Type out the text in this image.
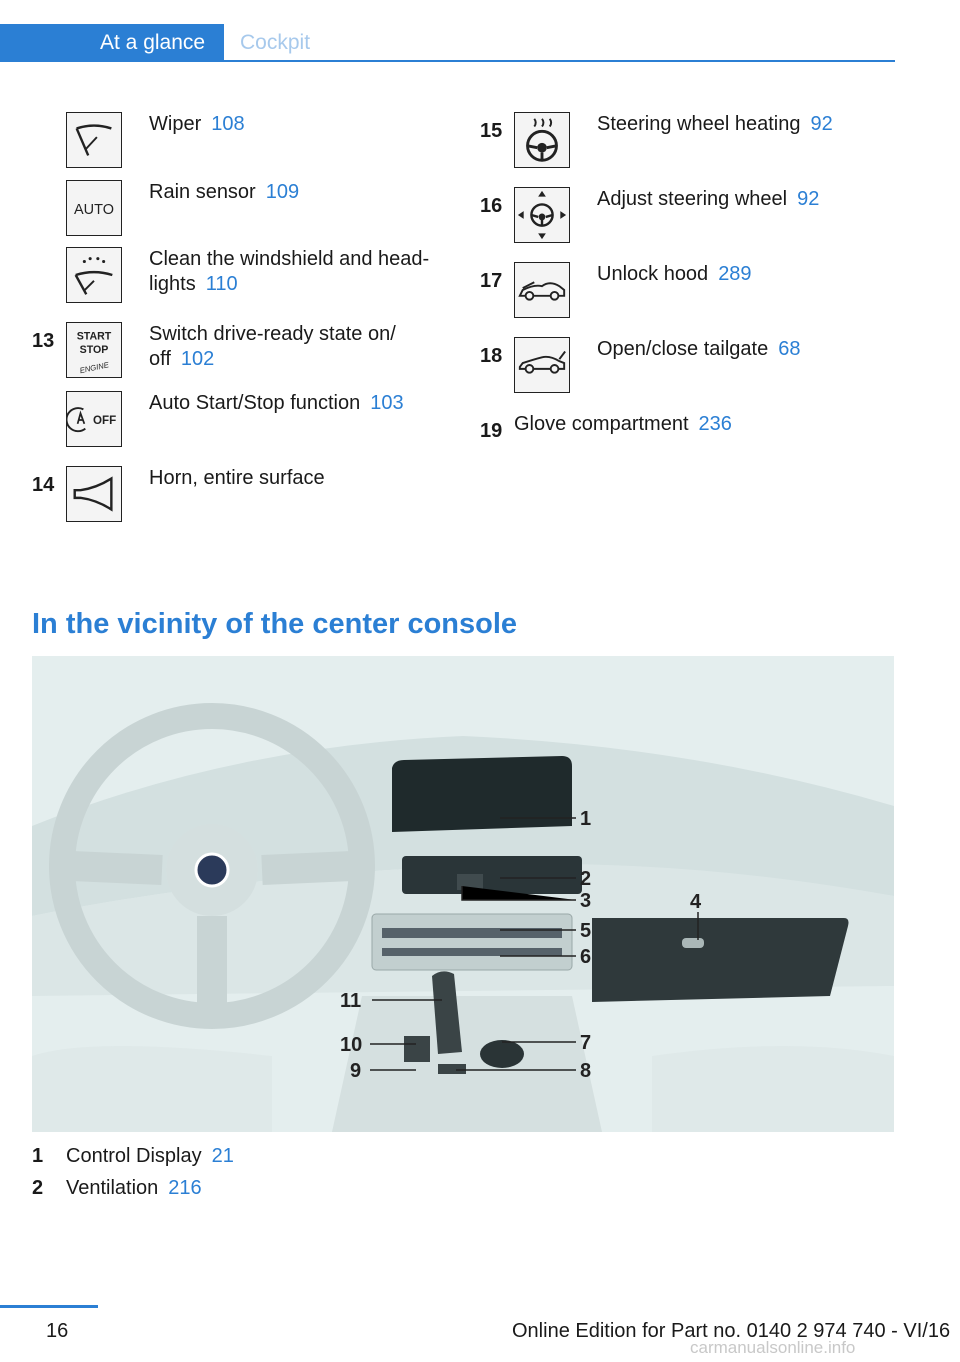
At a glance	Cockpit
Wiper 108
AUTO
Rain sensor 109
Clean the windshield and head-
lights 110
13	START
STOP
ENGINE
Switch drive-ready state on/
off 102
OFF
Auto Start/Stop function 103
14	Horn, entire surface
15	Steering wheel heating 92
16	Adjust steering wheel 92
17	Unlock hood 289
18	Open/close tailgate 68
19 Glove compartment 236
In the vicinity of the center console
1
2
3	4
5
6
7
8
9
10
11
1 Control Display 21
2 Ventilation 216
16	Online Edition for Part no. 0140 2 974 740 - VI/16
carmanualsonline.info
